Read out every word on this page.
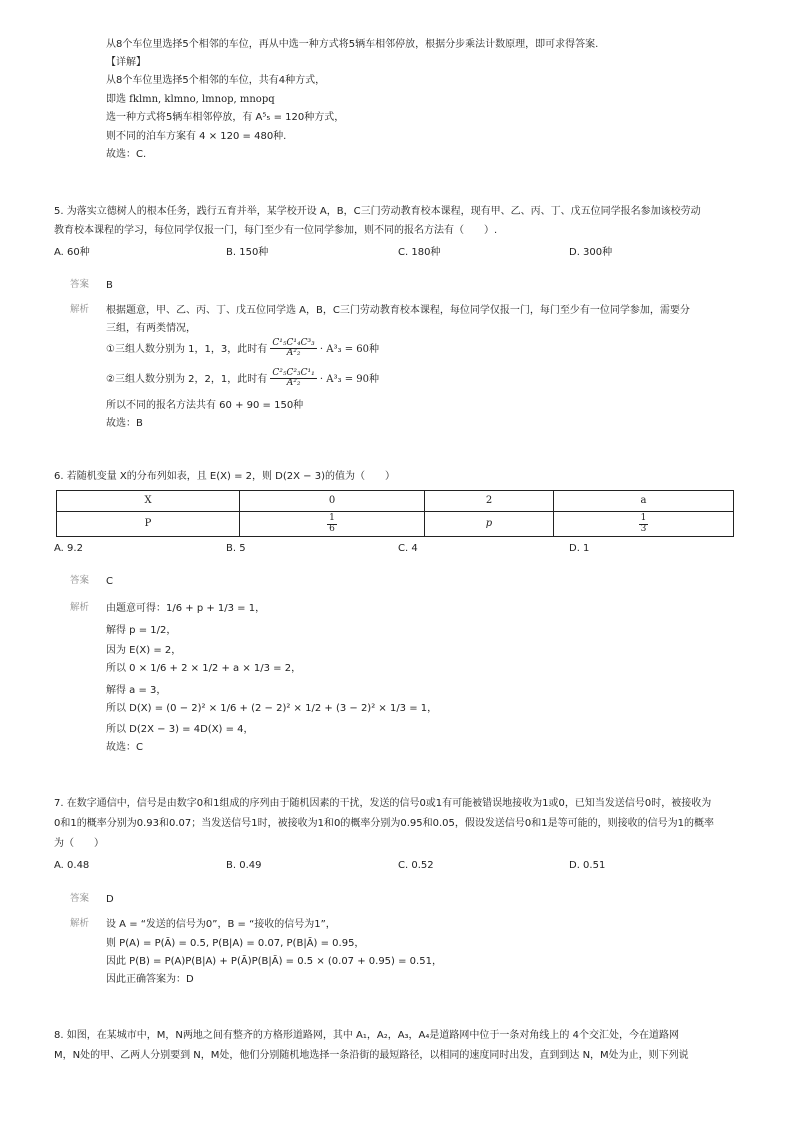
从8个车位里选择5个相邻的车位，再从中选一种方式将5辆车相邻停放，根据分步乘法计数原理，即可求得答案.
【详解】
从8个车位里选择5个相邻的车位，共有4种方式，
即选 fklmn, klmno, lmnop, mnopq
选一种方式将5辆车相邻停放，有 A⁵₅ = 120种方式，
则不同的泊车方案有 4 × 120 = 480种.
故选：C.
5. 为落实立德树人的根本任务，践行五育并举，某学校开设 A，B，C三门劳动教育校本课程，现有甲、乙、丙、丁、戊五位同学报名参加该校劳动
教育校本课程的学习，每位同学仅报一门，每门至少有一位同学参加，则不同的报名方法有（　　）.
A. 60种	B. 150种	C. 180种	D. 300种
答案 B
解析 根据题意，甲、乙、丙、丁、戊五位同学选 A，B，C三门劳动教育校本课程，每位同学仅报一门，每门至少有一位同学参加，需要分
三组，有两类情况，
①三组人数分别为 1，1，3，此时有 $\frac{\text{C¹₅C¹₄C³₃}}{\text{A²₂}} \cdot A^3_3 = 60$种
②三组人数分别为 2，2，1，此时有 $\frac{\text{C²₅C²₃C¹₁}}{\text{A²₂}} \cdot A^3_3 = 90$种
所以不同的报名方法共有 60 + 90 = 150种
故选：B
6. 若随机变量 X的分布列如表，且 E(X) = 2，则 D(2X − 3)的值为（　　）
X	0	2	a
P	$\frac{1}{6}$	p	$\frac{1}{3}$
A. 9.2	B. 5	C. 4	D. 1
答案 C
解析 由题意可得：1/6 + p + 1/3 = 1，
解得 p = 1/2，
因为 E(X) = 2，
所以 0 × 1/6 + 2 × 1/2 + a × 1/3 = 2，
解得 a = 3，
所以 D(X) = (0 − 2)² × 1/6 + (2 − 2)² × 1/2 + (3 − 2)² × 1/3 = 1，
所以 D(2X − 3) = 4D(X) = 4，
故选：C
7. 在数字通信中，信号是由数字0和1组成的序列由于随机因素的干扰，发送的信号0或1有可能被错误地接收为1或0，已知当发送信号0时，被接收为
0和1的概率分别为0.93和0.07；当发送信号1时，被接收为1和0的概率分别为0.95和0.05，假设发送信号0和1是等可能的，则接收的信号为1的概率
为（　　）
A. 0.48	B. 0.49	C. 0.52	D. 0.51
答案 D
解析 设 A = “发送的信号为0”，B = “接收的信号为1”，
则 P(A) = P(Ā) = 0.5, P(B|A) = 0.07, P(B|Ā) = 0.95，
因此 P(B) = P(A)P(B|A) + P(Ā)P(B|Ā) = 0.5 × (0.07 + 0.95) = 0.51，
因此正确答案为：D
8. 如图，在某城市中，M，N两地之间有整齐的方格形道路网，其中 A₁，A₂，A₃，A₄是道路网中位于一条对角线上的 4个交汇处，今在道路网
M，N处的甲、乙两人分别要到 N，M处，他们分别随机地选择一条沿街的最短路径，以相同的速度同时出发，直到到达 N，M处为止，则下列说
